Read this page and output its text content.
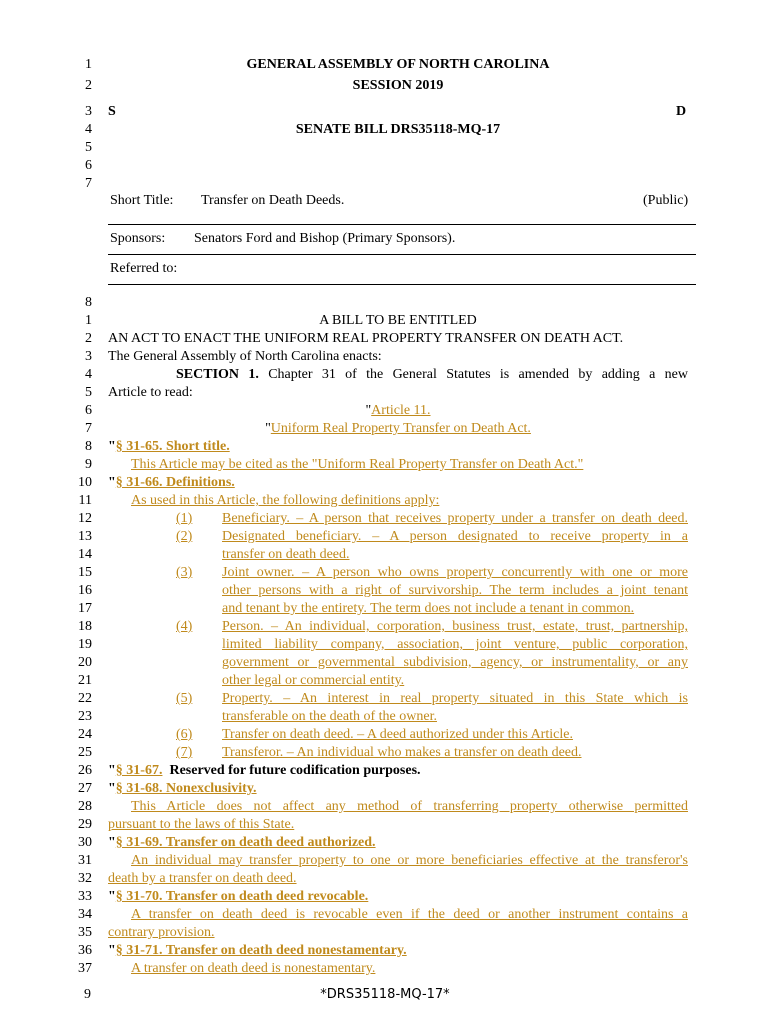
1
2
3
4
5
6
7
GENERAL ASSEMBLY OF NORTH CAROLINA
SESSION 2019
S	D
SENATE BILL DRS35118-MQ-17
Short Title: Transfer on Death Deeds.	(Public)
Sponsors: Senators Ford and Bishop (Primary Sponsors).
Referred to:
8
1
2
3
4
5
6
7
8
9
10
11
12
13
14
15
16
17
18
19
20
21
22
23
24
25
26
27
28
29
30
31
32
33
34
35
36
37
A BILL TO BE ENTITLED
AN ACT TO ENACT THE UNIFORM REAL PROPERTY TRANSFER ON DEATH ACT.
The General Assembly of North Carolina enacts:
SECTION 1. Chapter 31 of the General Statutes is amended by adding a new
Article to read:
"Article 11.
"Uniform Real Property Transfer on Death Act.
"§ 31-65. Short title.
This Article may be cited as the "Uniform Real Property Transfer on Death Act."
"§ 31-66. Definitions.
As used in this Article, the following definitions apply:
(1) Beneficiary. – A person that receives property under a transfer on death deed.
(2) Designated beneficiary. – A person designated to receive property in a
transfer on death deed.
(3) Joint owner. – A person who owns property concurrently with one or more
other persons with a right of survivorship. The term includes a joint tenant
and tenant by the entirety. The term does not include a tenant in common.
(4) Person. – An individual, corporation, business trust, estate, trust, partnership,
limited liability company, association, joint venture, public corporation,
government or governmental subdivision, agency, or instrumentality, or any
other legal or commercial entity.
(5) Property. – An interest in real property situated in this State which is
transferable on the death of the owner.
(6) Transfer on death deed. – A deed authorized under this Article.
(7) Transferor. – An individual who makes a transfer on death deed.
"§ 31-67. Reserved for future codification purposes.
"§ 31-68. Nonexclusivity.
This Article does not affect any method of transferring property otherwise permitted
pursuant to the laws of this State.
"§ 31-69. Transfer on death deed authorized.
An individual may transfer property to one or more beneficiaries effective at the transferor's
death by a transfer on death deed.
"§ 31-70. Transfer on death deed revocable.
A transfer on death deed is revocable even if the deed or another instrument contains a
contrary provision.
"§ 31-71. Transfer on death deed nonestamentary.
A transfer on death deed is nonestamentary.
9	*DRS35118-MQ-17*
